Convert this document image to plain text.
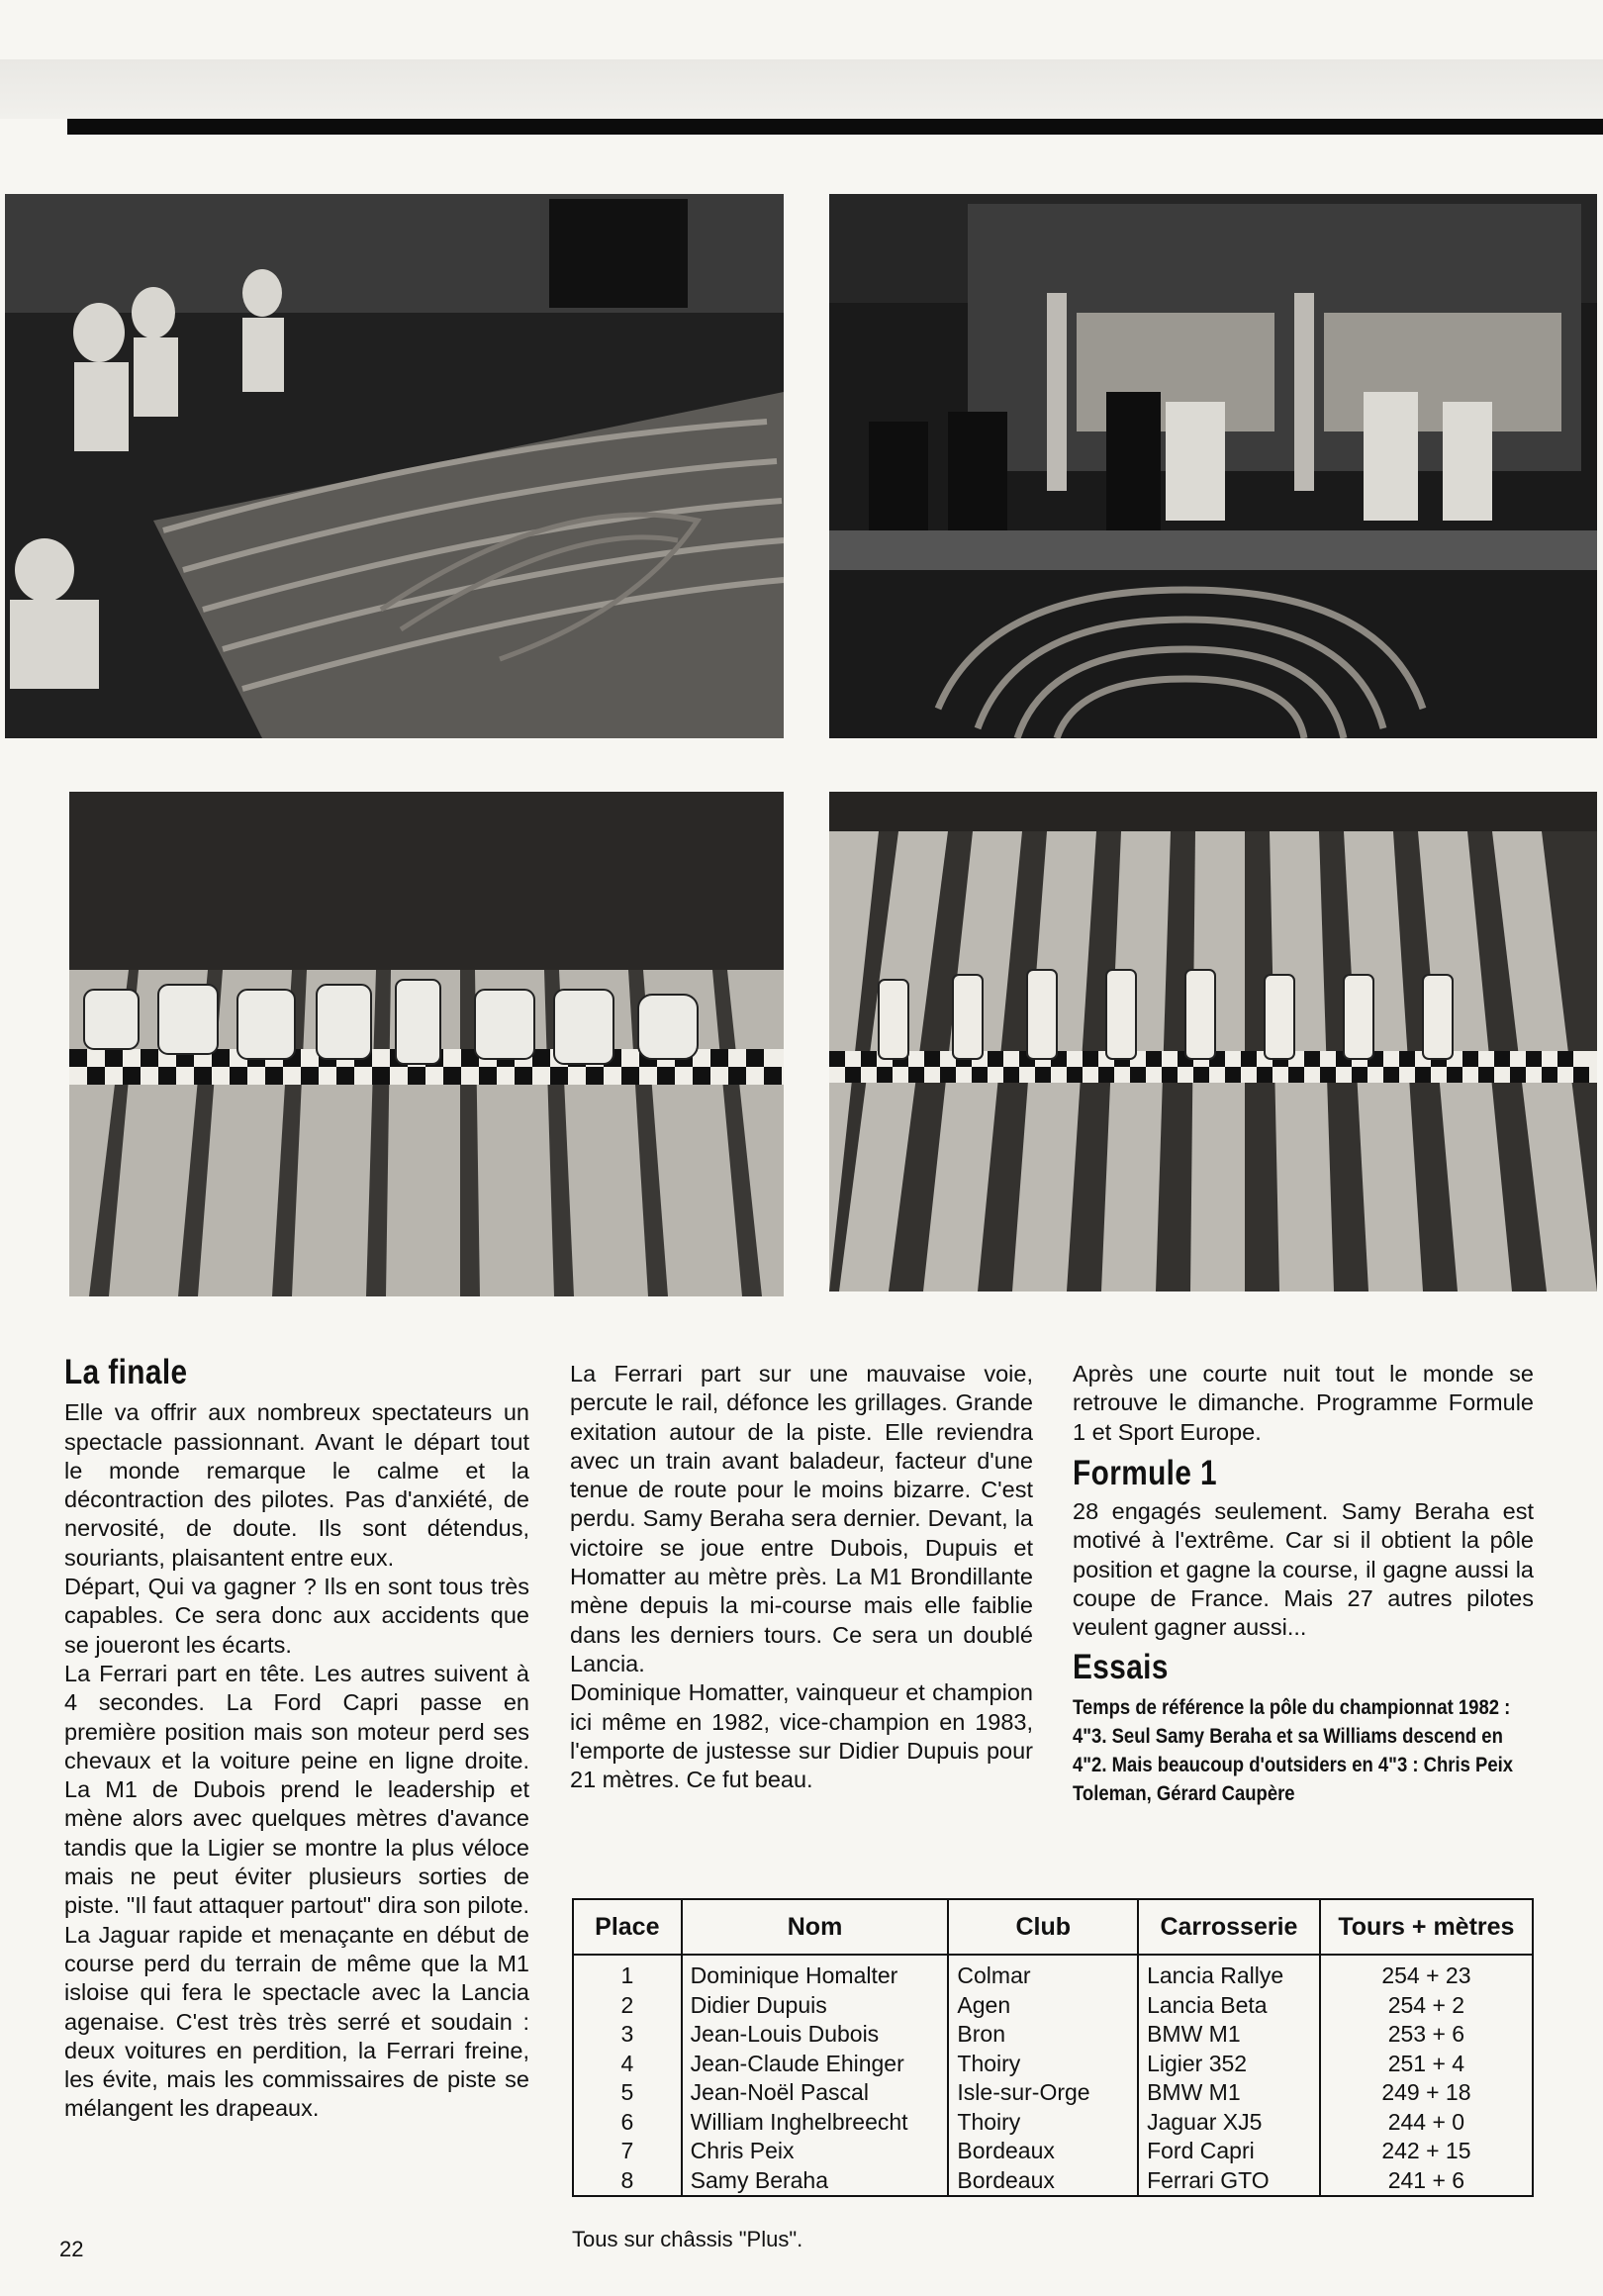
La finale

Elle va offrir aux nombreux spectateurs un spectacle passionnant. Avant le départ tout le monde remarque le calme et la décontraction des pilotes. Pas d'anxiété, de nervosité, de doute. Ils sont détendus, souriants, plaisantent entre eux.

Départ, Qui va gagner ? Ils en sont tous très capables. Ce sera donc aux accidents que se joueront les écarts.

La Ferrari part en tête. Les autres suivent à 4 secondes. La Ford Capri passe en première position mais son moteur perd ses chevaux et la voiture peine en ligne droite. La M1 de Dubois prend le leadership et mène alors avec quelques mètres d'avance tandis que la Ligier se montre la plus véloce mais ne peut éviter plusieurs sorties de piste. "Il faut attaquer partout" dira son pilote. La Jaguar rapide et menaçante en début de course perd du terrain de même que la M1 isloise qui fera le spectacle avec la Lancia agenaise. C'est très très serré et soudain : deux voitures en perdition, la Ferrari freine, les évite, mais les commissaires de piste se mélangent les drapeaux.

La Ferrari part sur une mauvaise voie, percute le rail, défonce les grillages. Grande exitation autour de la piste. Elle reviendra avec un train avant baladeur, facteur d'une tenue de route pour le moins bizarre. C'est perdu. Samy Beraha sera dernier. Devant, la victoire se joue entre Dubois, Dupuis et Homatter au mètre près. La M1 Brondillante mène depuis la mi-course mais elle faiblie dans les derniers tours. Ce sera un doublé Lancia.

Dominique Homatter, vainqueur et champion ici même en 1982, vice-champion en 1983, l'emporte de justesse sur Didier Dupuis pour 21 mètres. Ce fut beau.

Après une courte nuit tout le monde se retrouve le dimanche. Programme Formule 1 et Sport Europe.

Formule 1

28 engagés seulement. Samy Beraha est motivé à l'extrême. Car si il obtient la pôle position et gagne la course, il gagne aussi la coupe de France. Mais 27 autres pilotes veulent gagner aussi...

Essais

Temps de référence la pôle du championnat 1982 : 4"3. Seul Samy Beraha et sa Williams descend en 4"2. Mais beaucoup d'outsiders en 4"3 : Chris Peix Toleman, Gérard Caupère

Place	Nom	Club	Carrosserie	Tours + mètres
1	Dominique Homalter	Colmar	Lancia Rallye	254 + 23
2	Didier Dupuis	Agen	Lancia Beta	254 + 2
3	Jean-Louis Dubois	Bron	BMW M1	253 + 6
4	Jean-Claude Ehinger	Thoiry	Ligier 352	251 + 4
5	Jean-Noël Pascal	Isle-sur-Orge	BMW M1	249 + 18
6	William Inghelbreecht	Thoiry	Jaguar XJ5	244 + 0
7	Chris Peix	Bordeaux	Ford Capri	242 + 15
8	Samy Beraha	Bordeaux	Ferrari GTO	241 + 6
Tous sur châssis "Plus".
22
